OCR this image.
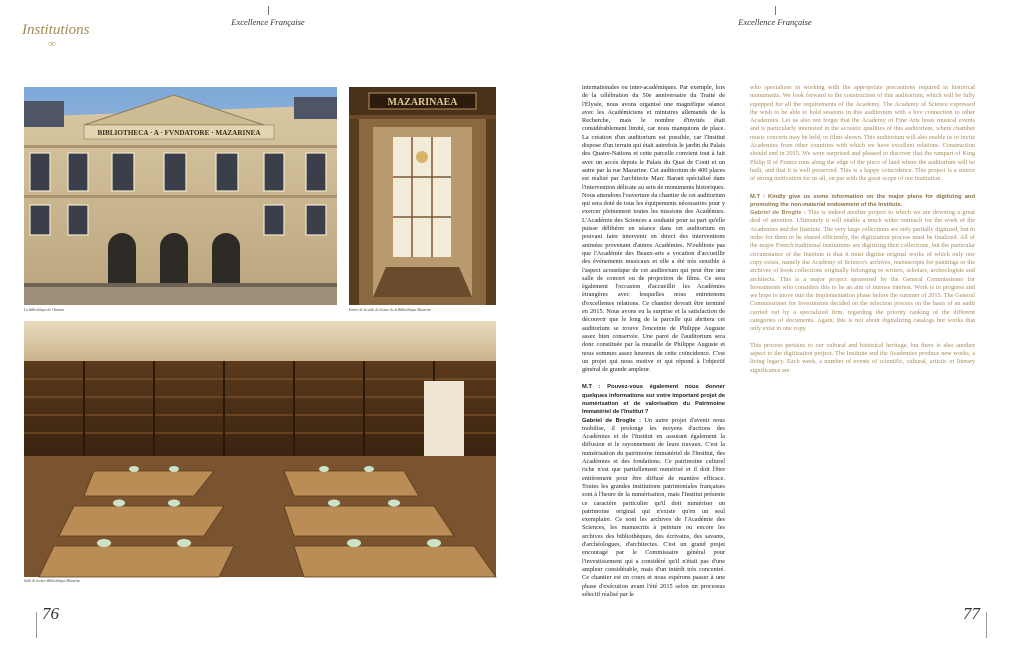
Institutions
∞
Excellence Française	Excellence Française
BIBLIOTHECA · A · FVNDATORE · MAZARINEA
La bibliothèque de l'Institut
MAZARINAEA
Entrée de la salle de lecture de la Bibliothèque Mazarine
Salle de lecture Bibliothèque Mazarine

internationales ou inter-académiques. Par exemple, lors de la célébration du 50e anniversaire du Traité de l'Élysée, nous avons organisé une magnifique séance avec les Académiciens et ministres allemands de la Recherche, mais le nombre d'invités était considérablement limité, car nous manquions de place. La création d'un auditorium est possible, car l'Institut dispose d'un terrain qui était autrefois le jardin du Palais des Quatre-Nations et cette parcelle convient tout à fait avec un accès depuis le Palais du Quai de Conti et un autre par la rue Mazarine. Cet auditorium de 400 places est réalisé par l'architecte Marc Barani spécialisé dans l'intervention délicate au sein de monuments historiques. Nous attendons l'ouverture du chantier de cet auditorium qui sera doté de tous les équipements nécessaires pour y exercer pleinement toutes les missions des Académies. L'Académie des Sciences a souhaité pour sa part qu'elle puisse délibérer en séance dans cet auditorium en pouvant faire intervenir en direct des interventions animées provenant d'autres Académies. N'oublions pas que l'Académie des Beaux-arts a vocation d'accueillir des événements musicaux et elle a été très sensible à l'aspect acoustique de cet auditorium qui peut être une salle de concert ou de projection de films. Ce sera également l'occasion d'accueillir les Académies étrangères avec lesquelles nous entretenons d'excellentes relations. Ce chantier devrait être terminé en 2015. Nous avons eu la surprise et la satisfaction de découvrir que le long de la parcelle qui abritera cet auditorium se trouve l'enceinte de Philippe Auguste assez bien conservée. Une paroi de l'auditorium sera donc constituée par la muraille de Philippe Auguste et nous sommes assez heureux de cette coïncidence. C'est un projet qui nous motive et qui répond à l'objectif général de grande ampleur.

M.T : Pouvez-vous également nous donner quelques informations sur votre important projet de numérisation et de valorisation du Patrimoine Immatériel de l'Institut ?

Gabriel de Broglie : Un autre projet d'avenir nous mobilise, il prolonge les moyens d'actions des Académies et de l'Institut en assurant également la diffusion et le rayonnement de leurs travaux. C'est la numérisation du patrimoine immatériel de l'Institut, des Académies et des fondations. Ce patrimoine culturel riche n'est que partiellement numérisé et il doit l'être entièrement pour être diffusé de manière efficace. Toutes les grandes institutions patrimoniales françaises sont à l'heure de la numérisation, mais l'Institut présente ce caractère particulier qu'il doit numériser un patrimoine original qui n'existe qu'en un seul exemplaire. Ce sont les archives de l'Académie des Sciences, les manuscrits à peinture ou encore les archives des bibliothèques, des écrivains, des savants, d'archéologues, d'architectes. C'est un grand projet encouragé par le Commissaire général pour l'investissement qui a considéré qu'il n'était pas d'une ampleur considérable, mais d'un intérêt très concentré. Ce chantier est en cours et nous espérons passer à une phase d'exécution avant l'été 2015 selon un processus sélectif réalisé par le

who specializes in working with the appropriate precautions required in historical monuments. We look forward to the construction of this auditorium, which will be fully equipped for all the requirements of the Academy. The Academy of Science expressed the wish to be able to hold sessions in this auditorium with a live connection to other Academies. Let us also not forget that the Academy of Fine Arts hosts musical events and is particularly interested in the acoustic qualities of this auditorium, where chamber music concerts may be held, or films shown. This auditorium will also enable us to invite Academies from other countries with which we have excellent relations. Construction should end in 2015. We were surprised and pleased to discover that the rampart of King Philip II of France runs along the edge of the piece of land where the auditorium will be built, and that it is well preserved. This is a happy coincidence. This project is a source of strong motivation for us all, on par with the great scope of our institution.

M.T : Kindly give us some information on the major plans for digitizing and promoting the non-material endowment of the Institute.

Gabriel de Broglie : This is indeed another project to which we are devoting a great deal of attention. Ultimately it will enable a much wider outreach for the work of the Academies and the Institute. The very large collections are only partially digitized, but in order for them to be shared efficiently, the digitization process must be finalized. All of the major French traditional institutions are digitizing their collections, but the particular circumstance of the Institute is that it must digitise original works of which only one copy exists, namely the Academy of Science's archives, manuscripts for paintings or the archives of book collections originally belonging to writers, scholars, archeologists and architects. This is a major project sponsored by the General Commissioner for Investments who considers this to be an aim of intense interest. Work is in progress and we hope to move into the implementation phase before the summer of 2015. The General Commissioner for Investments decided on the selection process on the basis of an audit carried out by a specialized firm, regarding the priority ranking of the different categories of documents. Again, this is not about digitalizing catalogs but works that only exist in one copy.

This process pertains to our cultural and historical heritage, but there is also another aspect to the digitization project. The Institute and the Academies produce new works, a living legacy. Each week, a number of events of scientific, cultural, artistic or literary significance are

76	77
